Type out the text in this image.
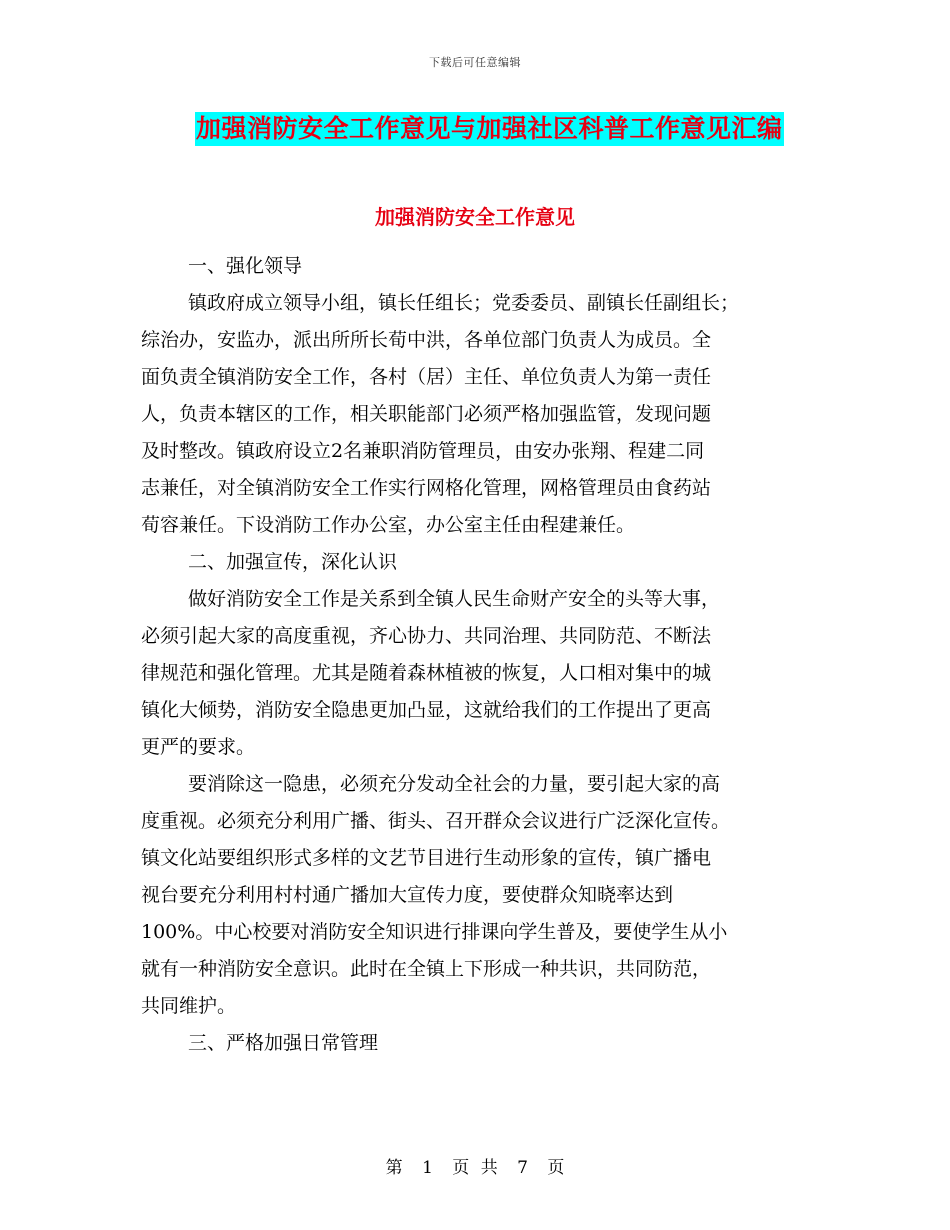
下载后可任意编辑
加强消防安全工作意见与加强社区科普工作意见汇编
加强消防安全工作意见
一、强化领导
镇政府成立领导小组，镇长任组长；党委委员、副镇长任副组长；
综治办，安监办，派出所所长荀中洪，各单位部门负责人为成员。全
面负责全镇消防安全工作，各村（居）主任、单位负责人为第一责任
人，负责本辖区的工作，相关职能部门必须严格加强监管，发现问题
及时整改。镇政府设立2名兼职消防管理员，由安办张翔、程建二同
志兼任，对全镇消防安全工作实行网格化管理，网格管理员由食药站
荀容兼任。下设消防工作办公室，办公室主任由程建兼任。
二、加强宣传，深化认识
做好消防安全工作是关系到全镇人民生命财产安全的头等大事，
必须引起大家的高度重视，齐心协力、共同治理、共同防范、不断法
律规范和强化管理。尤其是随着森林植被的恢复，人口相对集中的城
镇化大倾势，消防安全隐患更加凸显，这就给我们的工作提出了更高
更严的要求。
要消除这一隐患，必须充分发动全社会的力量，要引起大家的高
度重视。必须充分利用广播、街头、召开群众会议进行广泛深化宣传。
镇文化站要组织形式多样的文艺节目进行生动形象的宣传，镇广播电
视台要充分利用村村通广播加大宣传力度，要使群众知晓率达到
100%。中心校要对消防安全知识进行排课向学生普及，要使学生从小
就有一种消防安全意识。此时在全镇上下形成一种共识，共同防范，
共同维护。
三、严格加强日常管理
第 1 页 共 7 页
